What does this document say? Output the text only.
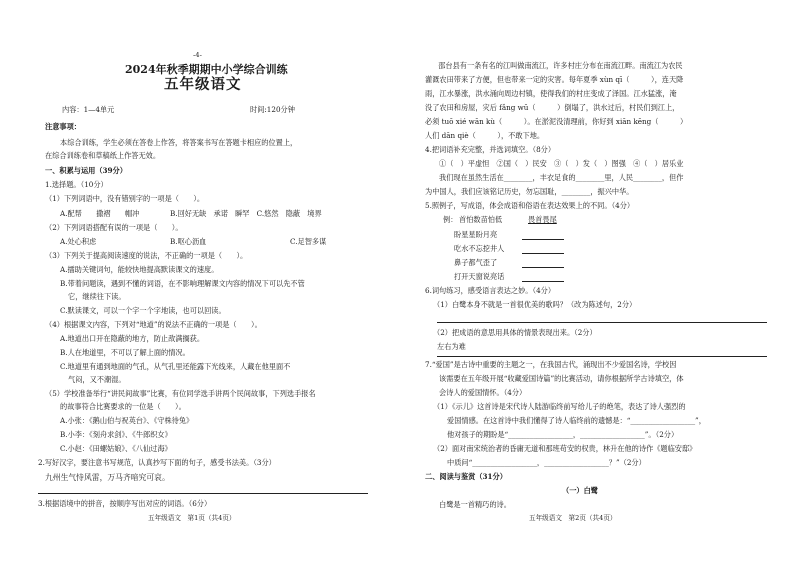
-4-
2024年秋季期期中小学综合训练
五年级语文
内容：1—4单元	时间:120分钟
注意事项：
本综合训练，学生必须在答卷上作答，将答案书写在答题卡相应的位置上，
在综合训练卷和草稿纸上作答无效。
一、积累与运用（39分）
1.选择题。（10分）
（1）下列词语中，没有错别字的一项是（　　）。
A.配帮　　撒褶　　帽冲	B.回好无缺　承诺　瞬罕　C.悠然　隐蔽　境界
（2）下列词语搭配有误的一项是（　　）。
A.处心积虑	B.呕心沥血	C.足智多谋
（3）下列关于提高阅读速度的说法，不正确的一项是（　　）。
A.擂助关键词句，能较快地提高默读课文的速度。
B.带着问题读，遇到不懂的词语，在不影响理解课文内容的情况下可以先不管
它，继续往下读。
C.默读课文，可以一个字一个字地读，也可以回读。
（4）根据课文内容，下列对“地道”的说法不正确的一项是（　　）。
A.地道出口开在隐蔽的地方，防止敌满搁获。
B.人在地道里，不可以了解上面的情况。
C.地道里有通到地面的气孔，从气孔里还能露下光线来，人藏在他里面不
气闷，又不潮湿。
（5）学校准备举行“讲民间故事”比赛，有位同学选手讲两个民间故事，下列选手报名
的故事符合比赛要求的一位是（　　）。
A.小张：《鹅山伯与祝英台》、《守株待兔》
B.小李：《刻舟求剑》、《牛郎织女》
C.小赵：《田螺姑娘》、《八仙过海》
2.写好汉字，要注意书写规范，认真抄写下面的句子，感受书法美。（3分）
九州生气恃风雷，万马齐喑究可哀。
3.根据语境中的拼音，按顺序写出对应的词语。（6分）
五年级语文　第1页（共4页）
　邵台县有一条有名的江叫做南流江，许多村庄分布在南流江畔。南流江为农民
灌溉农田带来了方便，但也带来一定的灾害。每年夏季 xùn qī（　　　），连天降
雨，江水暴涨，洪水涌向周边村镇，使得我们的村庄变成了泽国。江水猛涨，淹
没了农田和房屋，灾后 fǎng wū（　　　）倒塌了，洪水过后，村民们到江上，
必须 tuō xié wān kù（　　　）。在淤泥没清理前，你好到 xiān kēng（　　　）
人们 dān qiè（　　　），不敢下地。
4.把词语补充完整，并选词填空。（8分）
①（　）平虚怛　②国（　）民安　③（　）发（　）图强　④（　）居乐业
我们现在虽然生活在________，丰衣足食的________里，人民________，但作
为中国人，我们应该铭记历史，勿忘国耻，________，振兴中华。
5.照例子，写成语，体会成语和俗语在表达效果上的不同。（4分）
例： 首怕数苗怕低	畏首畏尾
盼星星盼月亮
吃水不忘挖井人
鼻子都气歪了
打开天窗说亮话
6.词句练习，感受语言表达之妙。（4分）
（1）白鹭本身不就是一首很优美的歌吗？（改为陈述句，2分）
（2）把成语的意思用具体的情景表现出来。（2分）
左右为难
7.“爱国”是古诗中重要的主题之一，在我国古代，涌现出不少爱国名诗，学校因
该需要在五年级开展“收藏爱国诗篇”的比赛活动，请你根据所学古诗填空，体
会诗人的爱国情怀。（4分）
（1）《示儿》这首诗是宋代诗人陆游临终前写给儿子的绝笔，表达了诗人强烈的
爱国情感。在这首诗中我们懂得了诗人临终前的遗憾是：“__________________”，
他对孩子的期盼是“__________________，__________________”。（2分）
（2）面对南宋统治者的昏庸无道和那班苟安的权贵，林升在他的诗作《题临安邸》
中质问“__________________，__________________？”（2分）
二、阅读与鉴赏（31分）
（一）白鹭
白鹭是一首精巧的诗。
五年级语文　第2页（共4页）
